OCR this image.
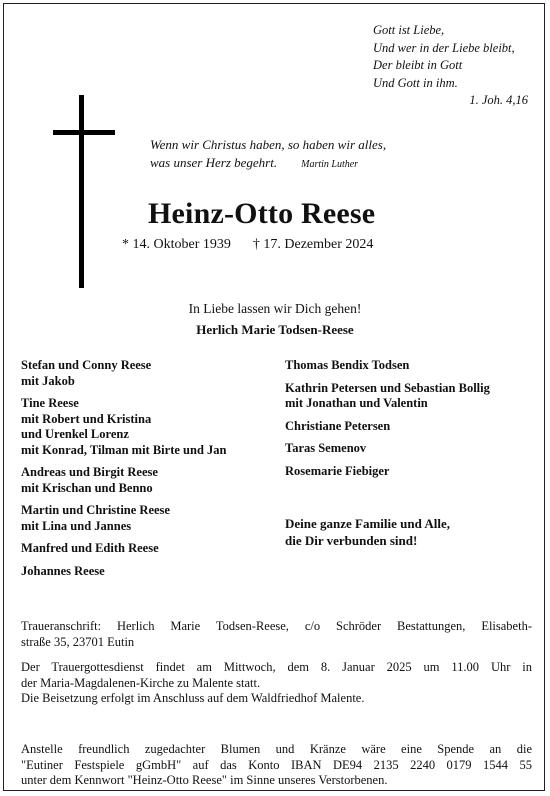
Gott ist Liebe,
Und wer in der Liebe bleibt,
Der bleibt in Gott
Und Gott in ihm.
1. Joh. 4,16
Wenn wir Christus haben, so haben wir alles,
was unser Herz begehrt. Martin Luther
Heinz-Otto Reese
* 14. Oktober 1939 † 17. Dezember 2024
In Liebe lassen wir Dich gehen!
Herlich Marie Todsen-Reese
Stefan und Conny Reese
mit Jakob
Tine Reese
mit Robert und Kristina
und Urenkel Lorenz
mit Konrad, Tilman mit Birte und Jan
Andreas und Birgit Reese
mit Krischan und Benno
Martin und Christine Reese
mit Lina und Jannes
Manfred und Edith Reese
Johannes Reese
Thomas Bendix Todsen
Kathrin Petersen und Sebastian Bollig
mit Jonathan und Valentin
Christiane Petersen
Taras Semenov
Rosemarie Fiebiger
Deine ganze Familie und Alle,
die Dir verbunden sind!
Traueranschrift: Herlich Marie Todsen-Reese, c/o Schröder Bestattungen, Elisabeth-
straße 35, 23701 Eutin
Der Trauergottesdienst findet am Mittwoch, dem 8. Januar 2025 um 11.00 Uhr in
der Maria-Magdalenen-Kirche zu Malente statt.
Die Beisetzung erfolgt im Anschluss auf dem Waldfriedhof Malente.
Anstelle freundlich zugedachter Blumen und Kränze wäre eine Spende an die
"Eutiner Festspiele gGmbH" auf das Konto IBAN DE94 2135 2240 0179 1544 55
unter dem Kennwort "Heinz-Otto Reese" im Sinne unseres Verstorbenen.
